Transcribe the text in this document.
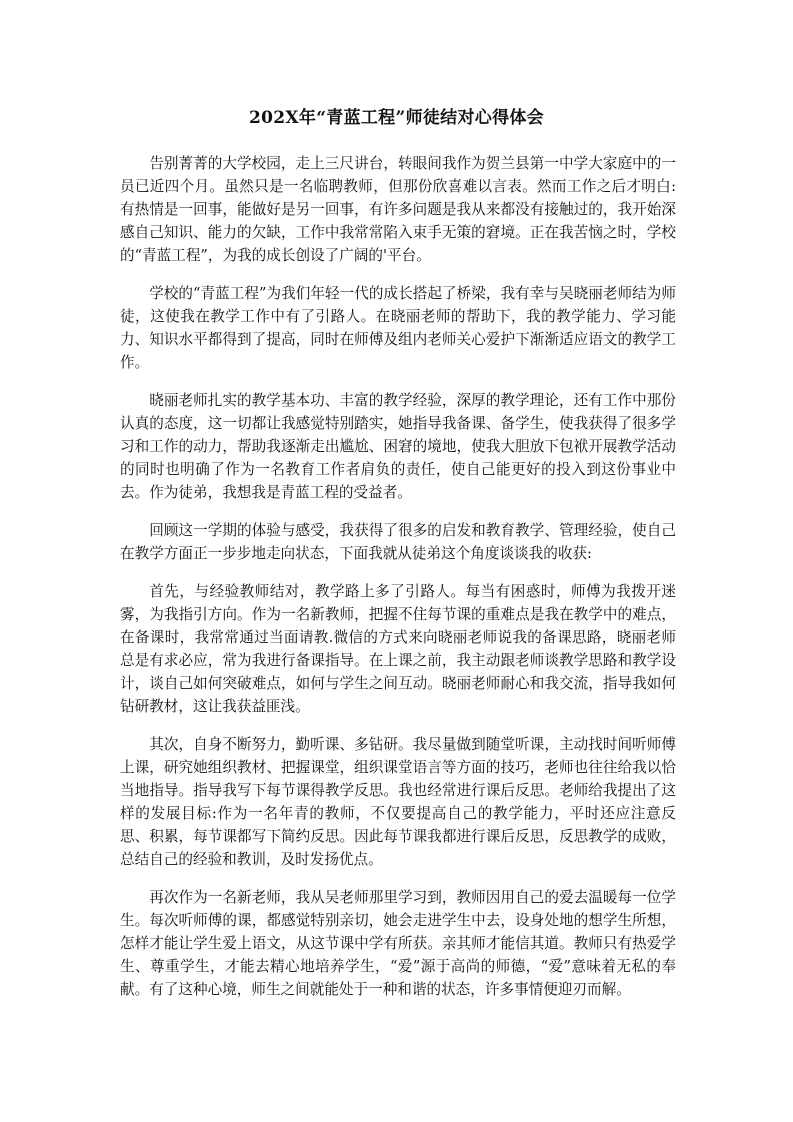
202X年“青蓝工程”师徒结对心得体会

告别菁菁的大学校园，走上三尺讲台，转眼间我作为贺兰县第一中学大家庭中的一员已近四个月。虽然只是一名临聘教师，但那份欣喜难以言表。然而工作之后才明白:有热情是一回事，能做好是另一回事，有许多问题是我从来都没有接触过的，我开始深感自己知识、能力的欠缺，工作中我常常陷入束手无策的窘境。正在我苦恼之时，学校的“青蓝工程”，为我的成长创设了广阔的'平台。

学校的“青蓝工程”为我们年轻一代的成长搭起了桥梁，我有幸与吴晓丽老师结为师徒，这使我在教学工作中有了引路人。在晓丽老师的帮助下，我的教学能力、学习能力、知识水平都得到了提高，同时在师傅及组内老师关心爱护下渐渐适应语文的教学工作。

晓丽老师扎实的教学基本功、丰富的教学经验，深厚的教学理论，还有工作中那份认真的态度，这一切都让我感觉特别踏实，她指导我备课、备学生，使我获得了很多学习和工作的动力，帮助我逐渐走出尴尬、困窘的境地，使我大胆放下包袱开展教学活动的同时也明确了作为一名教育工作者肩负的责任，使自己能更好的投入到这份事业中去。作为徒弟，我想我是青蓝工程的受益者。

回顾这一学期的体验与感受，我获得了很多的启发和教育教学、管理经验，使自己在教学方面正一步步地走向状态，下面我就从徒弟这个角度谈谈我的收获:

首先，与经验教师结对，教学路上多了引路人。每当有困惑时，师傅为我拨开迷雾，为我指引方向。作为一名新教师，把握不住每节课的重难点是我在教学中的难点，在备课时，我常常通过当面请教.微信的方式来向晓丽老师说我的备课思路，晓丽老师总是有求必应，常为我进行备课指导。在上课之前，我主动跟老师谈教学思路和教学设计，谈自己如何突破难点，如何与学生之间互动。晓丽老师耐心和我交流，指导我如何钻研教材，这让我获益匪浅。

其次，自身不断努力，勤听课、多钻研。我尽量做到随堂听课，主动找时间听师傅上课，研究她组织教材、把握课堂，组织课堂语言等方面的技巧，老师也往往给我以恰当地指导。指导我写下每节课得教学反思。我也经常进行课后反思。老师给我提出了这样的发展目标:作为一名年青的教师，不仅要提高自己的教学能力，平时还应注意反思、积累，每节课都写下简约反思。因此每节课我都进行课后反思，反思教学的成败，总结自己的经验和教训，及时发扬优点。

再次作为一名新老师，我从吴老师那里学习到，教师因用自己的爱去温暖每一位学生。每次听师傅的课，都感觉特别亲切，她会走进学生中去，设身处地的想学生所想，怎样才能让学生爱上语文，从这节课中学有所获。亲其师才能信其道。教师只有热爱学生、尊重学生，才能去精心地培养学生，“爱”源于高尚的师德，“爱”意味着无私的奉献。有了这种心境，师生之间就能处于一种和谐的状态，许多事情便迎刃而解。
